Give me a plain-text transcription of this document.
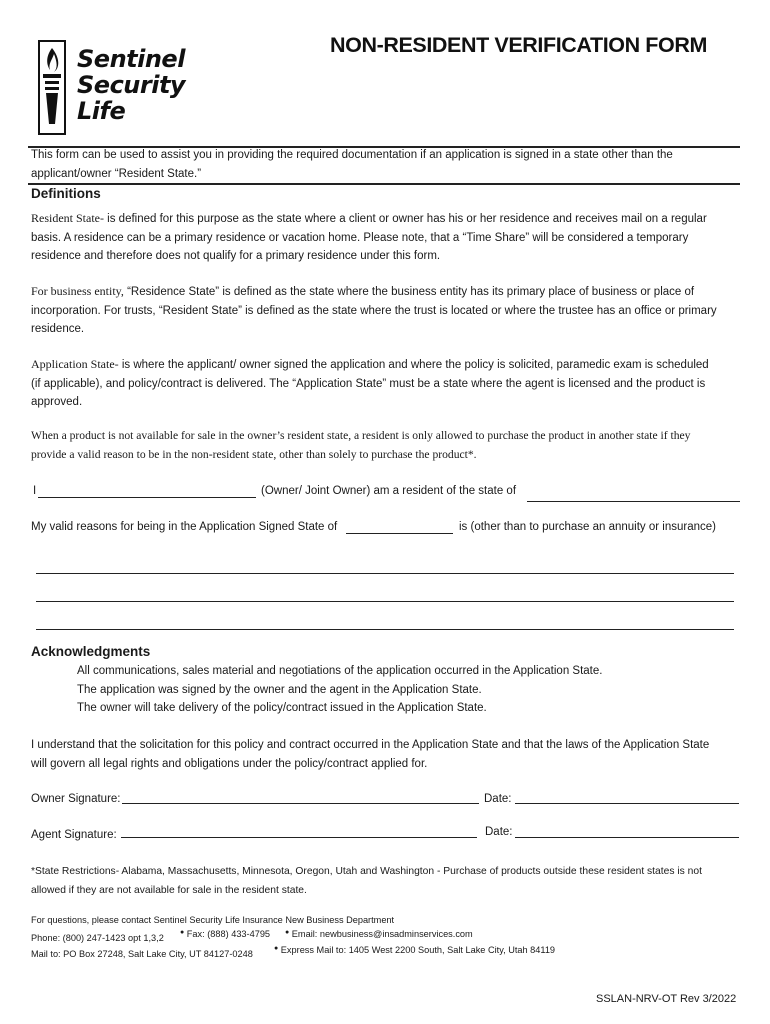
Sentinel
Security
Life
NON-RESIDENT VERIFICATION FORM
This form can be used to assist you in providing the required documentation if an application is signed in a state other than the
applicant/owner “Resident State.”
Definitions
Resident State- is defined for this purpose as the state where a client or owner has his or her residence and receives mail on a regular
basis. A residence can be a primary residence or vacation home. Please note, that a “Time Share” will be considered a temporary
residence and therefore does not qualify for a primary residence under this form.
For business entity, “Residence State” is defined as the state where the business entity has its primary place of business or place of
incorporation. For trusts, “Resident State” is defined as the state where the trust is located or where the trustee has an office or primary
residence.
Application State- is where the applicant/ owner signed the application and where the policy is solicited, paramedic exam is scheduled
(if applicable), and policy/contract is delivered. The “Application State” must be a state where the agent is licensed and the product is
approved.
When a product is not available for sale in the owner’s resident state, a resident is only allowed to purchase the product in another state if they
provide a valid reason to be in the non-resident state, other than solely to purchase the product*.
I	(Owner/ Joint Owner) am a resident of the state of
My valid reasons for being in the Application Signed State of	is (other than to purchase an annuity or insurance)
Acknowledgments
All communications, sales material and negotiations of the application occurred in the Application State.
The application was signed by the owner and the agent in the Application State.
The owner will take delivery of the policy/contract issued in the Application State.
I understand that the solicitation for this policy and contract occurred in the Application State and that the laws of the Application State
will govern all legal rights and obligations under the policy/contract applied for.
Owner Signature:	Date:
Agent Signature:	Date:
*State Restrictions- Alabama, Massachusetts, Minnesota, Oregon, Utah and Washington - Purchase of products outside these resident states is not
allowed if they are not available for sale in the resident state.
For questions, please contact Sentinel Security Life Insurance New Business Department
Phone: (800) 247-1423 opt 1,3,2
● Fax: (888) 433-4795 ● Email: newbusiness@insadminservices.com
Mail to: PO Box 27248, Salt Lake City, UT 84127-0248
● Express Mail to: 1405 West 2200 South, Salt Lake City, Utah 84119
SSLAN-NRV-OT Rev 3/2022
